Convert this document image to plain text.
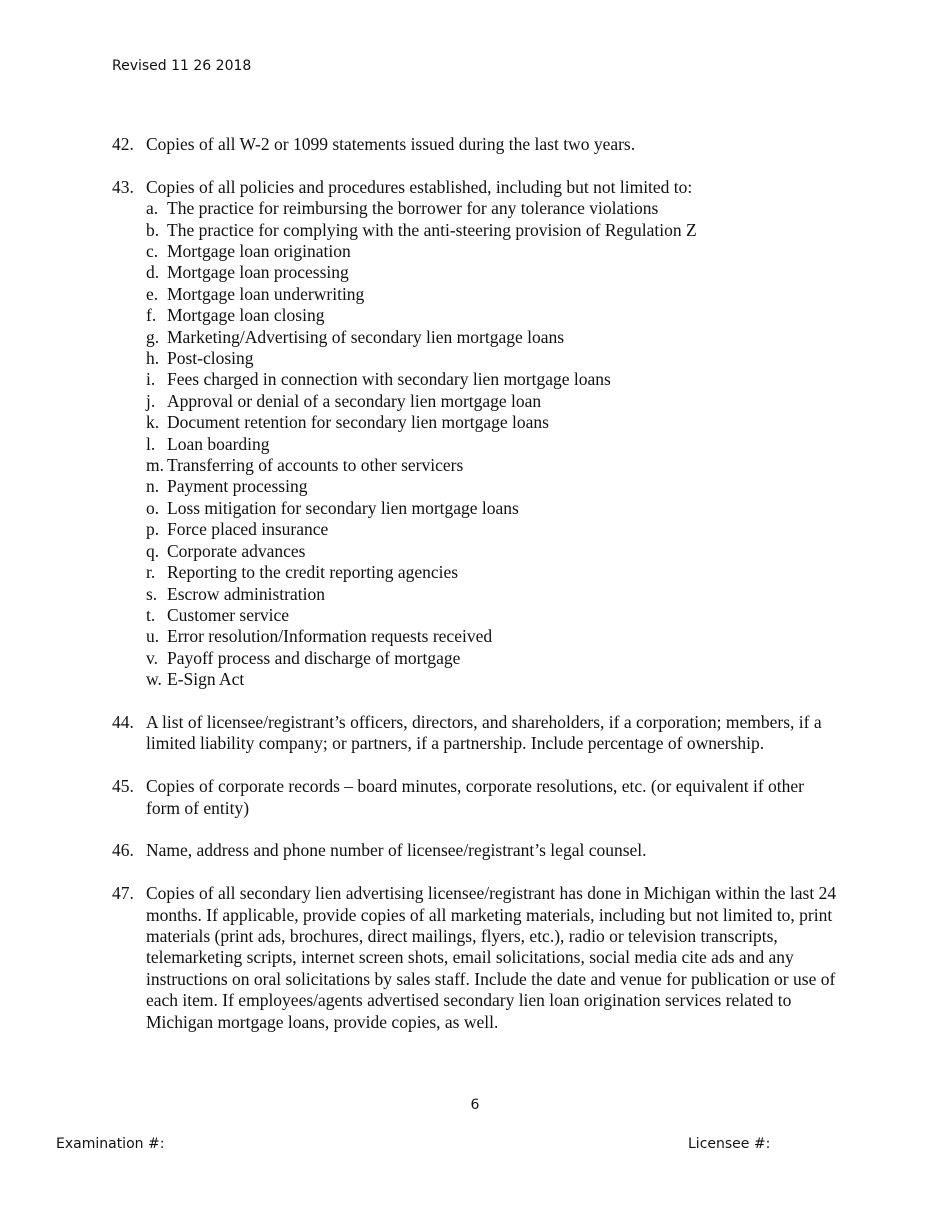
Revised 11 26 2018
42. Copies of all W-2 or 1099 statements issued during the last two years.
43. Copies of all policies and procedures established, including but not limited to:
a. The practice for reimbursing the borrower for any tolerance violations
b. The practice for complying with the anti-steering provision of Regulation Z
c. Mortgage loan origination
d. Mortgage loan processing
e. Mortgage loan underwriting
f. Mortgage loan closing
g. Marketing/Advertising of secondary lien mortgage loans
h. Post-closing
i. Fees charged in connection with secondary lien mortgage loans
j. Approval or denial of a secondary lien mortgage loan
k. Document retention for secondary lien mortgage loans
l. Loan boarding
m. Transferring of accounts to other servicers
n. Payment processing
o. Loss mitigation for secondary lien mortgage loans
p. Force placed insurance
q. Corporate advances
r. Reporting to the credit reporting agencies
s. Escrow administration
t. Customer service
u. Error resolution/Information requests received
v. Payoff process and discharge of mortgage
w. E-Sign Act
44. A list of licensee/registrant’s officers, directors, and shareholders, if a corporation; members, if a limited liability company; or partners, if a partnership. Include percentage of ownership.
45. Copies of corporate records – board minutes, corporate resolutions, etc. (or equivalent if other form of entity)
46. Name, address and phone number of licensee/registrant’s legal counsel.
47. Copies of all secondary lien advertising licensee/registrant has done in Michigan within the last 24 months. If applicable, provide copies of all marketing materials, including but not limited to, print materials (print ads, brochures, direct mailings, flyers, etc.), radio or television transcripts, telemarketing scripts, internet screen shots, email solicitations, social media cite ads and any instructions on oral solicitations by sales staff. Include the date and venue for publication or use of each item. If employees/agents advertised secondary lien loan origination services related to Michigan mortgage loans, provide copies, as well.
6
Examination #:	Licensee #:
